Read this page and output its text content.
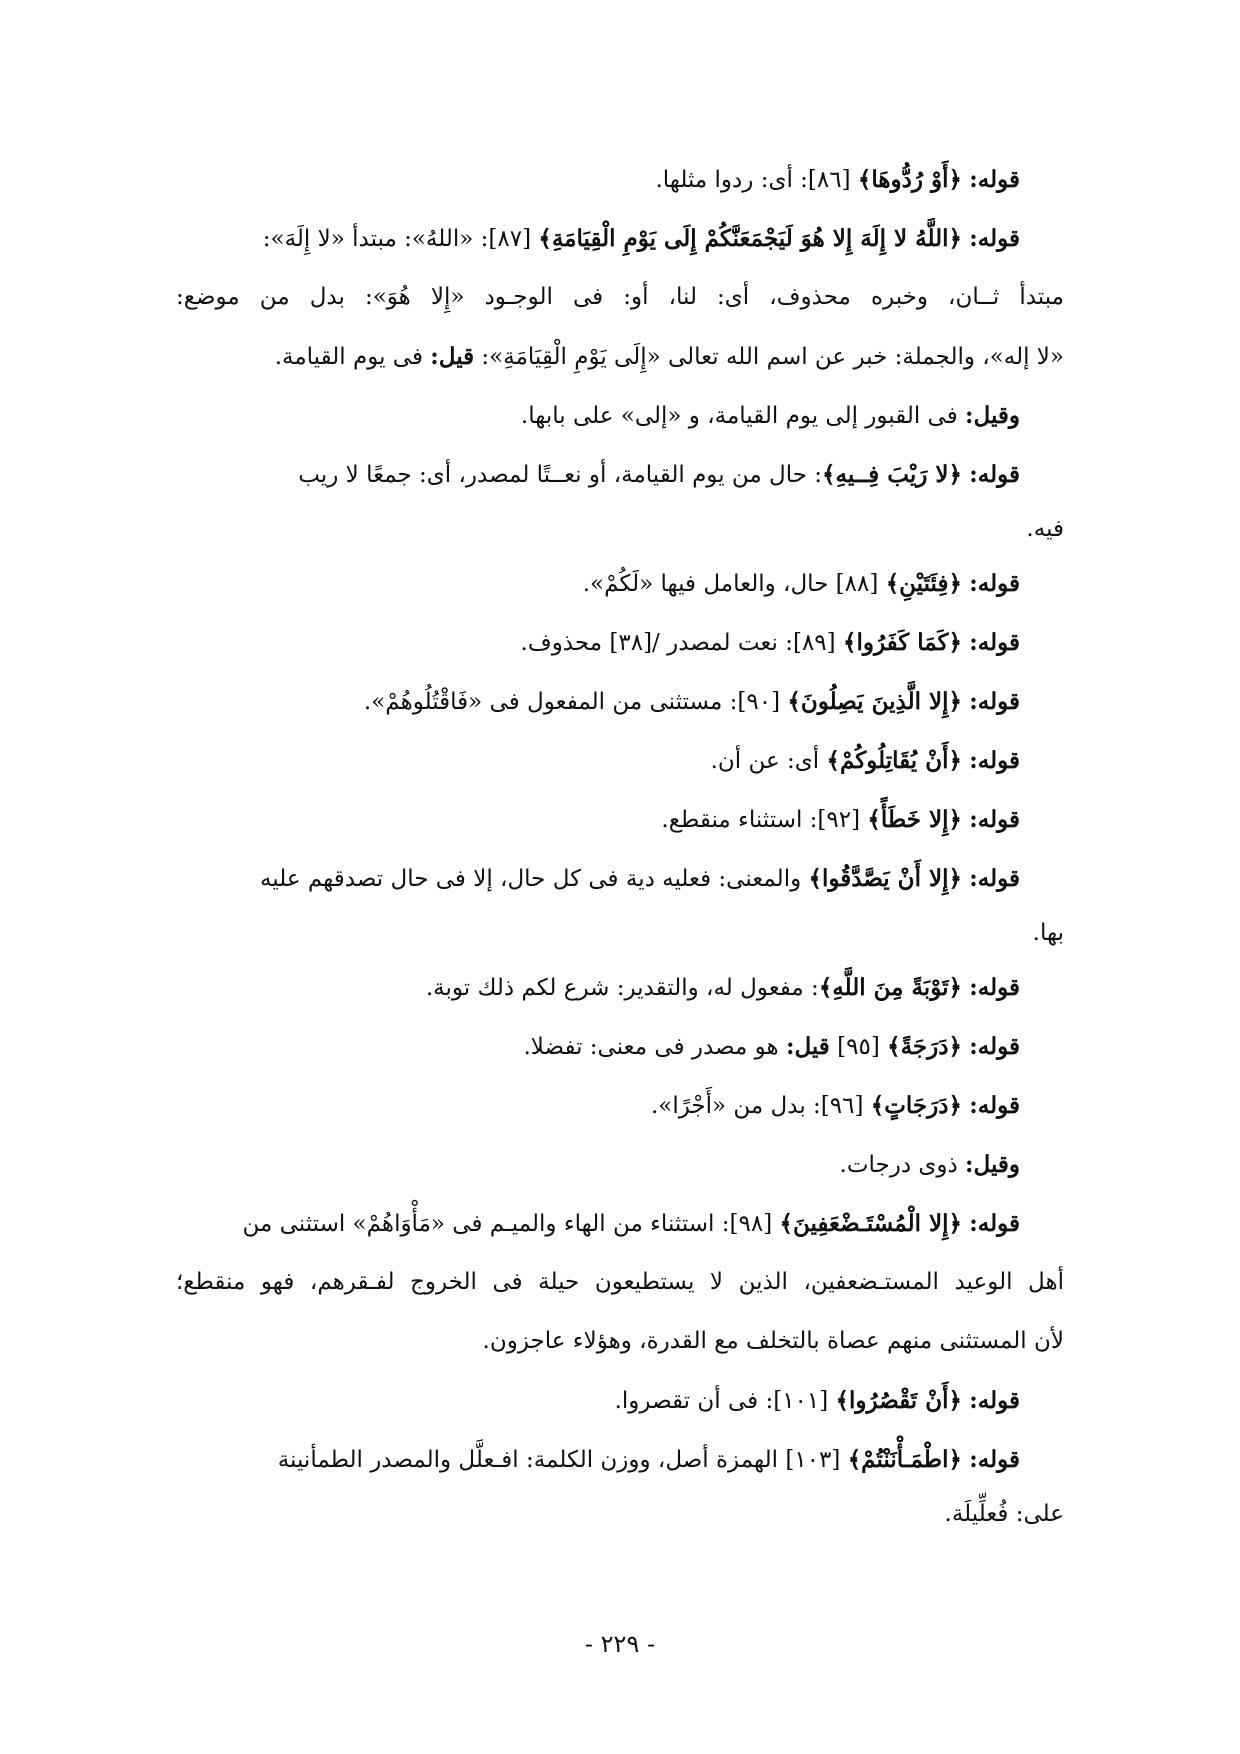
قوله: ﴿أَوْ رُدُّوهَا﴾ [٨٦]: أى: ردوا مثلها.
قوله: ﴿اللَّهُ لا إِلَهَ إِلا هُوَ لَيَجْمَعَنَّكُمْ إِلَى يَوْمِ الْقِيَامَةِ﴾ [٨٧]: «اللهُ»: مبتدأ «لا إِلَهَ»:
مبتدأ ثــان، وخبره محذوف، أى: لنا، أو: فى الوجـود «إِلا هُوَ»: بدل من موضع:
«لا إله»، والجملة: خبر عن اسم الله تعالى «إِلَى يَوْمِ الْقِيَامَةِ»: قيل: فى يوم القيامة.
وقيل: فى القبور إلى يوم القيامة، و «إلى» على بابها.
قوله: ﴿لا رَيْبَ فِــيهِ﴾: حال من يوم القيامة، أو نعــتًا لمصدر، أى: جمعًا لا ريب
فيه.
قوله: ﴿فِئَتَيْنِ﴾ [٨٨] حال، والعامل فيها «لَكُمْ».
قوله: ﴿كَمَا كَفَرُوا﴾ [٨٩]: نعت لمصدر /[٣٨] محذوف.
قوله: ﴿إِلا الَّذِينَ يَصِلُونَ﴾ [٩٠]: مستثنى من المفعول فى «فَاقْتُلُوهُمْ».
قوله: ﴿أَنْ يُقَاتِلُوكُمْ﴾ أى: عن أن.
قوله: ﴿إِلا خَطَأً﴾ [٩٢]: استثناء منقطع.
قوله: ﴿إِلا أَنْ يَصَّدَّقُوا﴾ والمعنى: فعليه دية فى كل حال، إلا فى حال تصدقهم عليه
بها.
قوله: ﴿تَوْبَةً مِنَ اللَّهِ﴾: مفعول له، والتقدير: شرع لكم ذلك توبة.
قوله: ﴿دَرَجَةً﴾ [٩٥] قيل: هو مصدر فى معنى: تفضلا.
قوله: ﴿دَرَجَاتٍ﴾ [٩٦]: بدل من «أَجْرًا».
وقيل: ذوى درجات.
قوله: ﴿إِلا الْمُسْتَـضْعَفِينَ﴾ [٩٨]: استثناء من الهاء والميـم فى «مَأْوَاهُمْ» استثنى من
أهل الوعيد المستـضعفين، الذين لا يستطيعون حيلة فى الخروج لفـقرهم، فهو منقطع؛
لأن المستثنى منهم عصاة بالتخلف مع القدرة، وهؤلاء عاجزون.
قوله: ﴿أَنْ تَقْصُرُوا﴾ [١٠١]: فى أن تقصروا.
قوله: ﴿اطْمَـأْنَنْتُمْ﴾ [١٠٣] الهمزة أصل، ووزن الكلمة: افـعلَّل والمصدر الطمأنينة
على: فُعلِّيلَة.
- ٢٢٩ -
